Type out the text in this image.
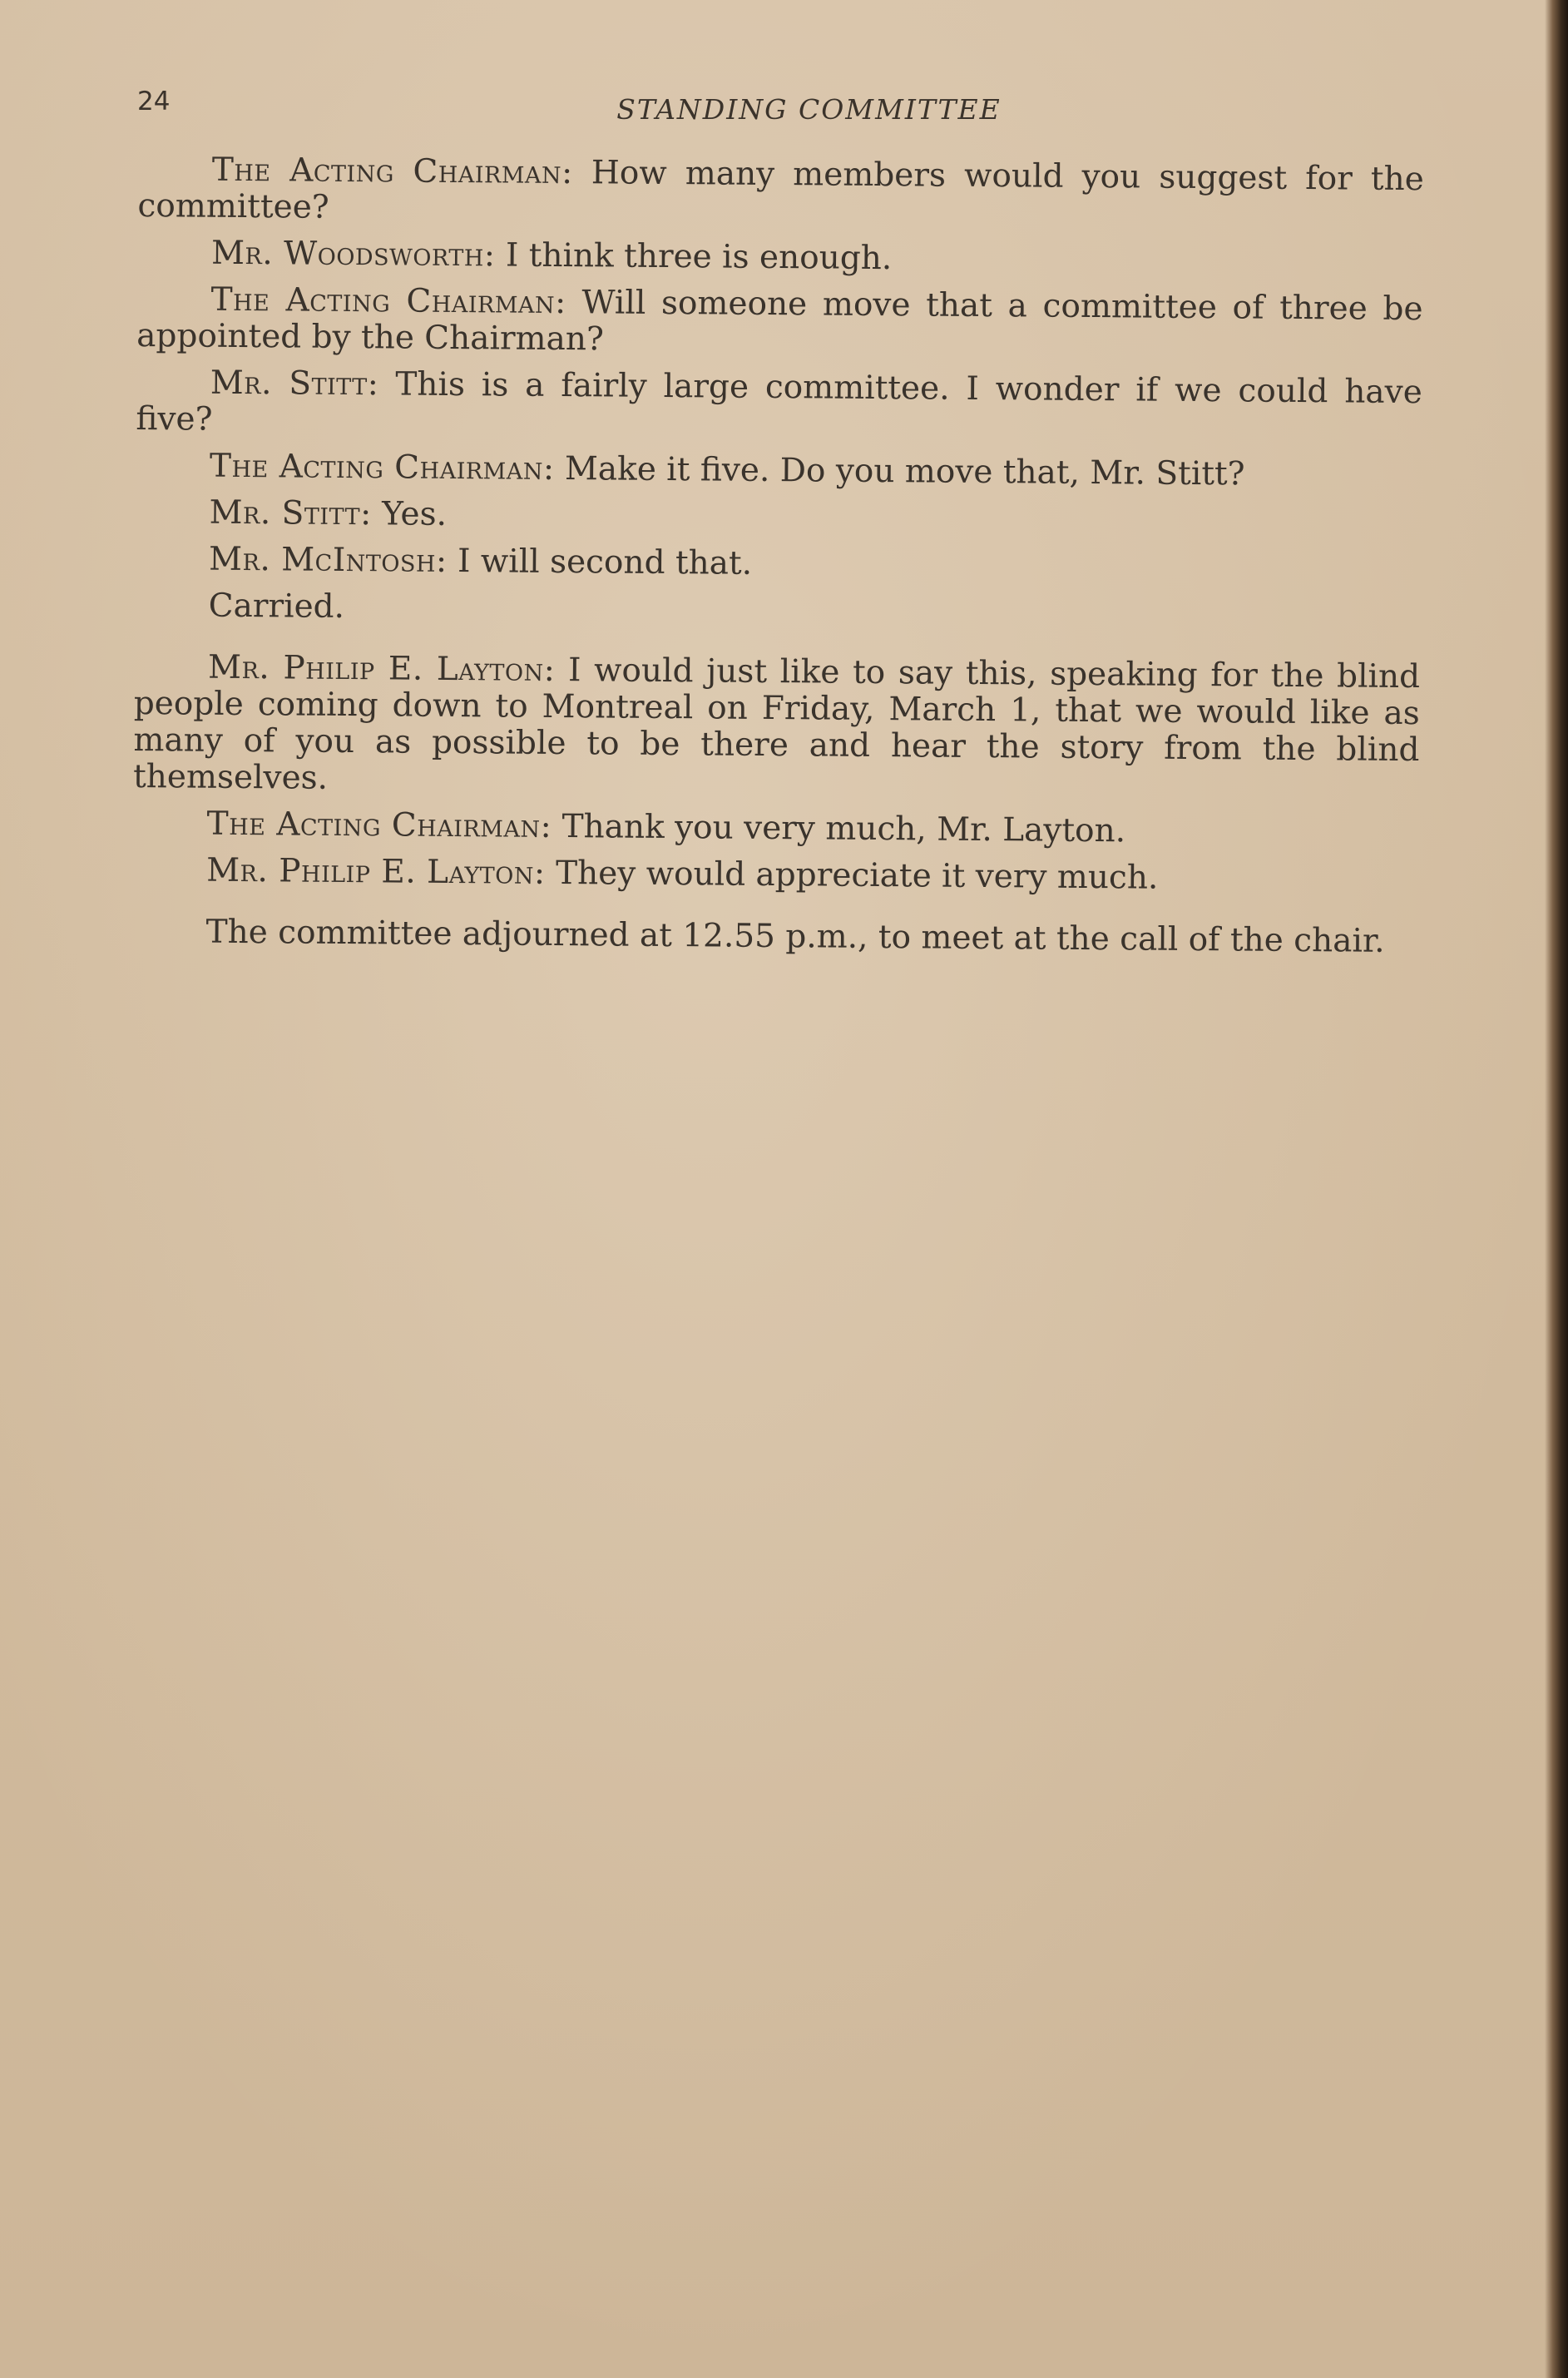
24	STANDING COMMITTEE

The Acting Chairman: How many members would you suggest for the committee?

Mr. Woodsworth: I think three is enough.

The Acting Chairman: Will someone move that a committee of three be appointed by the Chairman?

Mr. Stitt: This is a fairly large committee. I wonder if we could have five?

The Acting Chairman: Make it five. Do you move that, Mr. Stitt?

Mr. Stitt: Yes.

Mr. McIntosh: I will second that.

Carried.

Mr. Philip E. Layton: I would just like to say this, speaking for the blind people coming down to Montreal on Friday, March 1, that we would like as many of you as possible to be there and hear the story from the blind themselves.

The Acting Chairman: Thank you very much, Mr. Layton.

Mr. Philip E. Layton: They would appreciate it very much.

The committee adjourned at 12.55 p.m., to meet at the call of the chair.
